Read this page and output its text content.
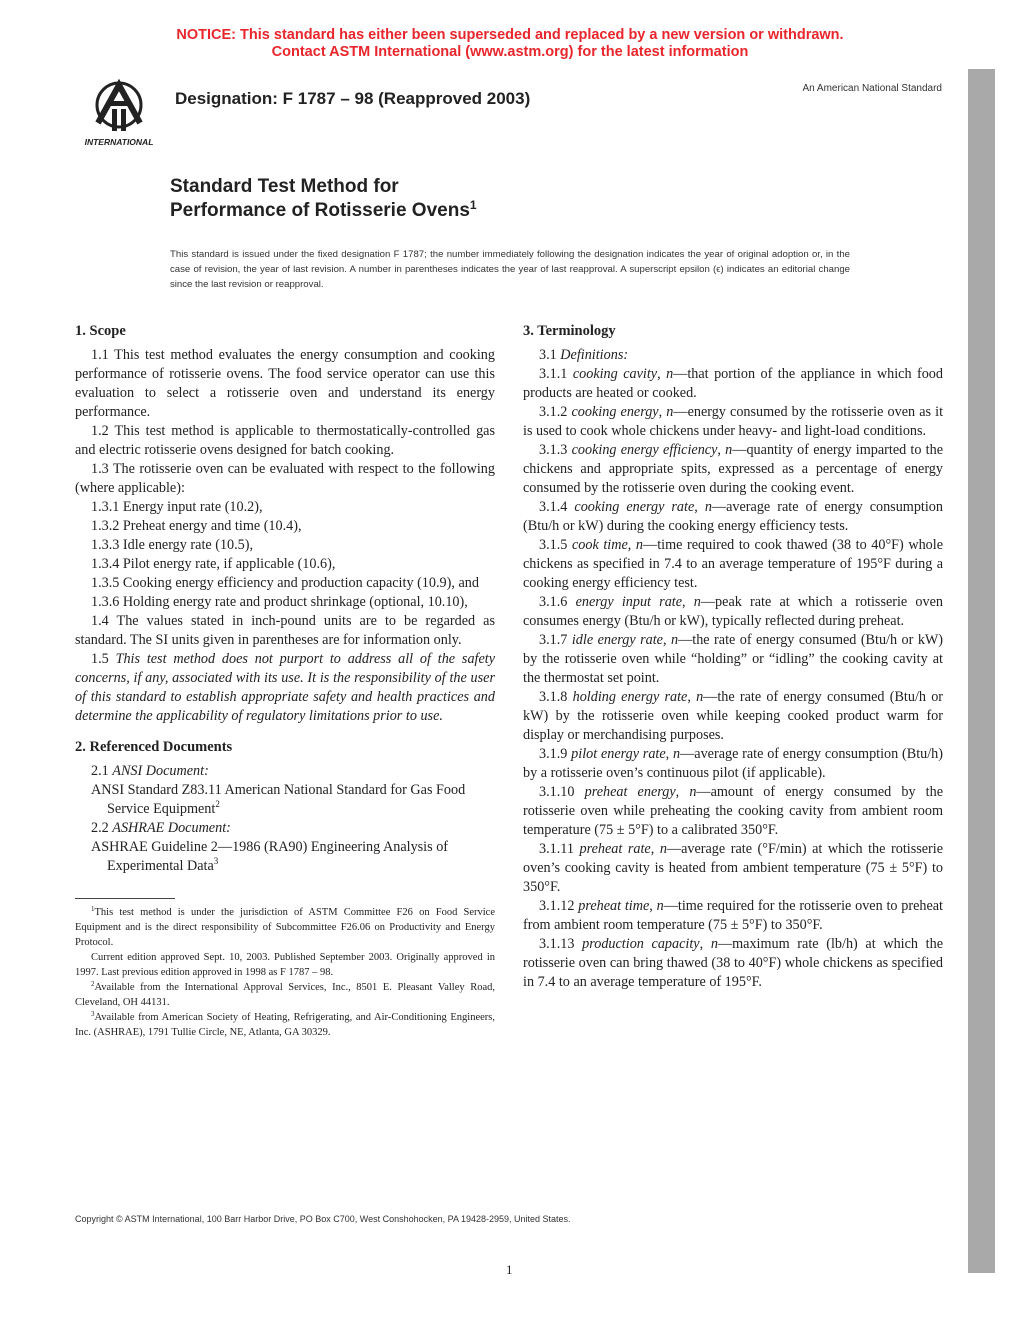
NOTICE: This standard has either been superseded and replaced by a new version or withdrawn.
Contact ASTM International (www.astm.org) for the latest information
INTERNATIONAL
Designation: F 1787 – 98 (Reapproved 2003)
An American National Standard
Standard Test Method for
Performance of Rotisserie Ovens$^1$
This standard is issued under the fixed designation F 1787; the number immediately following the designation indicates the year of original adoption or, in the case of revision, the year of last revision. A number in parentheses indicates the year of last reapproval. A superscript epsilon (ϵ) indicates an editorial change since the last revision or reapproval.
1. Scope

1.1 This test method evaluates the energy consumption and cooking performance of rotisserie ovens. The food service operator can use this evaluation to select a rotisserie oven and understand its energy performance.

1.2 This test method is applicable to thermostatically-controlled gas and electric rotisserie ovens designed for batch cooking.

1.3 The rotisserie oven can be evaluated with respect to the following (where applicable):

1.3.1 Energy input rate (10.2),

1.3.2 Preheat energy and time (10.4),

1.3.3 Idle energy rate (10.5),

1.3.4 Pilot energy rate, if applicable (10.6),

1.3.5 Cooking energy efficiency and production capacity (10.9), and

1.3.6 Holding energy rate and product shrinkage (optional, 10.10),

1.4 The values stated in inch-pound units are to be regarded as standard. The SI units given in parentheses are for information only.

1.5 This test method does not purport to address all of the safety concerns, if any, associated with its use. It is the responsibility of the user of this standard to establish appropriate safety and health practices and determine the applicability of regulatory limitations prior to use.

2. Referenced Documents

2.1 ANSI Document:

ANSI Standard Z83.11 American National Standard for Gas Food Service Equipment$^2$

2.2 ASHRAE Document:

ASHRAE Guideline 2—1986 (RA90) Engineering Analysis of Experimental Data$^3$

$^1$This test method is under the jurisdiction of ASTM Committee F26 on Food Service Equipment and is the direct responsibility of Subcommittee F26.06 on Productivity and Energy Protocol.

Current edition approved Sept. 10, 2003. Published September 2003. Originally approved in 1997. Last previous edition approved in 1998 as F 1787 – 98.

$^2$Available from the International Approval Services, Inc., 8501 E. Pleasant Valley Road, Cleveland, OH 44131.

$^3$Available from American Society of Heating, Refrigerating, and Air-Conditioning Engineers, Inc. (ASHRAE), 1791 Tullie Circle, NE, Atlanta, GA 30329.

3. Terminology

3.1 Definitions:

3.1.1 cooking cavity, n—that portion of the appliance in which food products are heated or cooked.

3.1.2 cooking energy, n—energy consumed by the rotisserie oven as it is used to cook whole chickens under heavy- and light-load conditions.

3.1.3 cooking energy efficiency, n—quantity of energy imparted to the chickens and appropriate spits, expressed as a percentage of energy consumed by the rotisserie oven during the cooking event.

3.1.4 cooking energy rate, n—average rate of energy consumption (Btu/h or kW) during the cooking energy efficiency tests.

3.1.5 cook time, n—time required to cook thawed (38 to 40°F) whole chickens as specified in 7.4 to an average temperature of 195°F during a cooking energy efficiency test.

3.1.6 energy input rate, n—peak rate at which a rotisserie oven consumes energy (Btu/h or kW), typically reflected during preheat.

3.1.7 idle energy rate, n—the rate of energy consumed (Btu/h or kW) by the rotisserie oven while “holding” or “idling” the cooking cavity at the thermostat set point.

3.1.8 holding energy rate, n—the rate of energy consumed (Btu/h or kW) by the rotisserie oven while keeping cooked product warm for display or merchandising purposes.

3.1.9 pilot energy rate, n—average rate of energy consumption (Btu/h) by a rotisserie oven’s continuous pilot (if applicable).

3.1.10 preheat energy, n—amount of energy consumed by the rotisserie oven while preheating the cooking cavity from ambient room temperature (75 ± 5°F) to a calibrated 350°F.

3.1.11 preheat rate, n—average rate (°F/min) at which the rotisserie oven’s cooking cavity is heated from ambient temperature (75 ± 5°F) to 350°F.

3.1.12 preheat time, n—time required for the rotisserie oven to preheat from ambient room temperature (75 ± 5°F) to 350°F.

3.1.13 production capacity, n—maximum rate (lb/h) at which the rotisserie oven can bring thawed (38 to 40°F) whole chickens as specified in 7.4 to an average temperature of 195°F.

Copyright © ASTM International, 100 Barr Harbor Drive, PO Box C700, West Conshohocken, PA 19428-2959, United States.
1
